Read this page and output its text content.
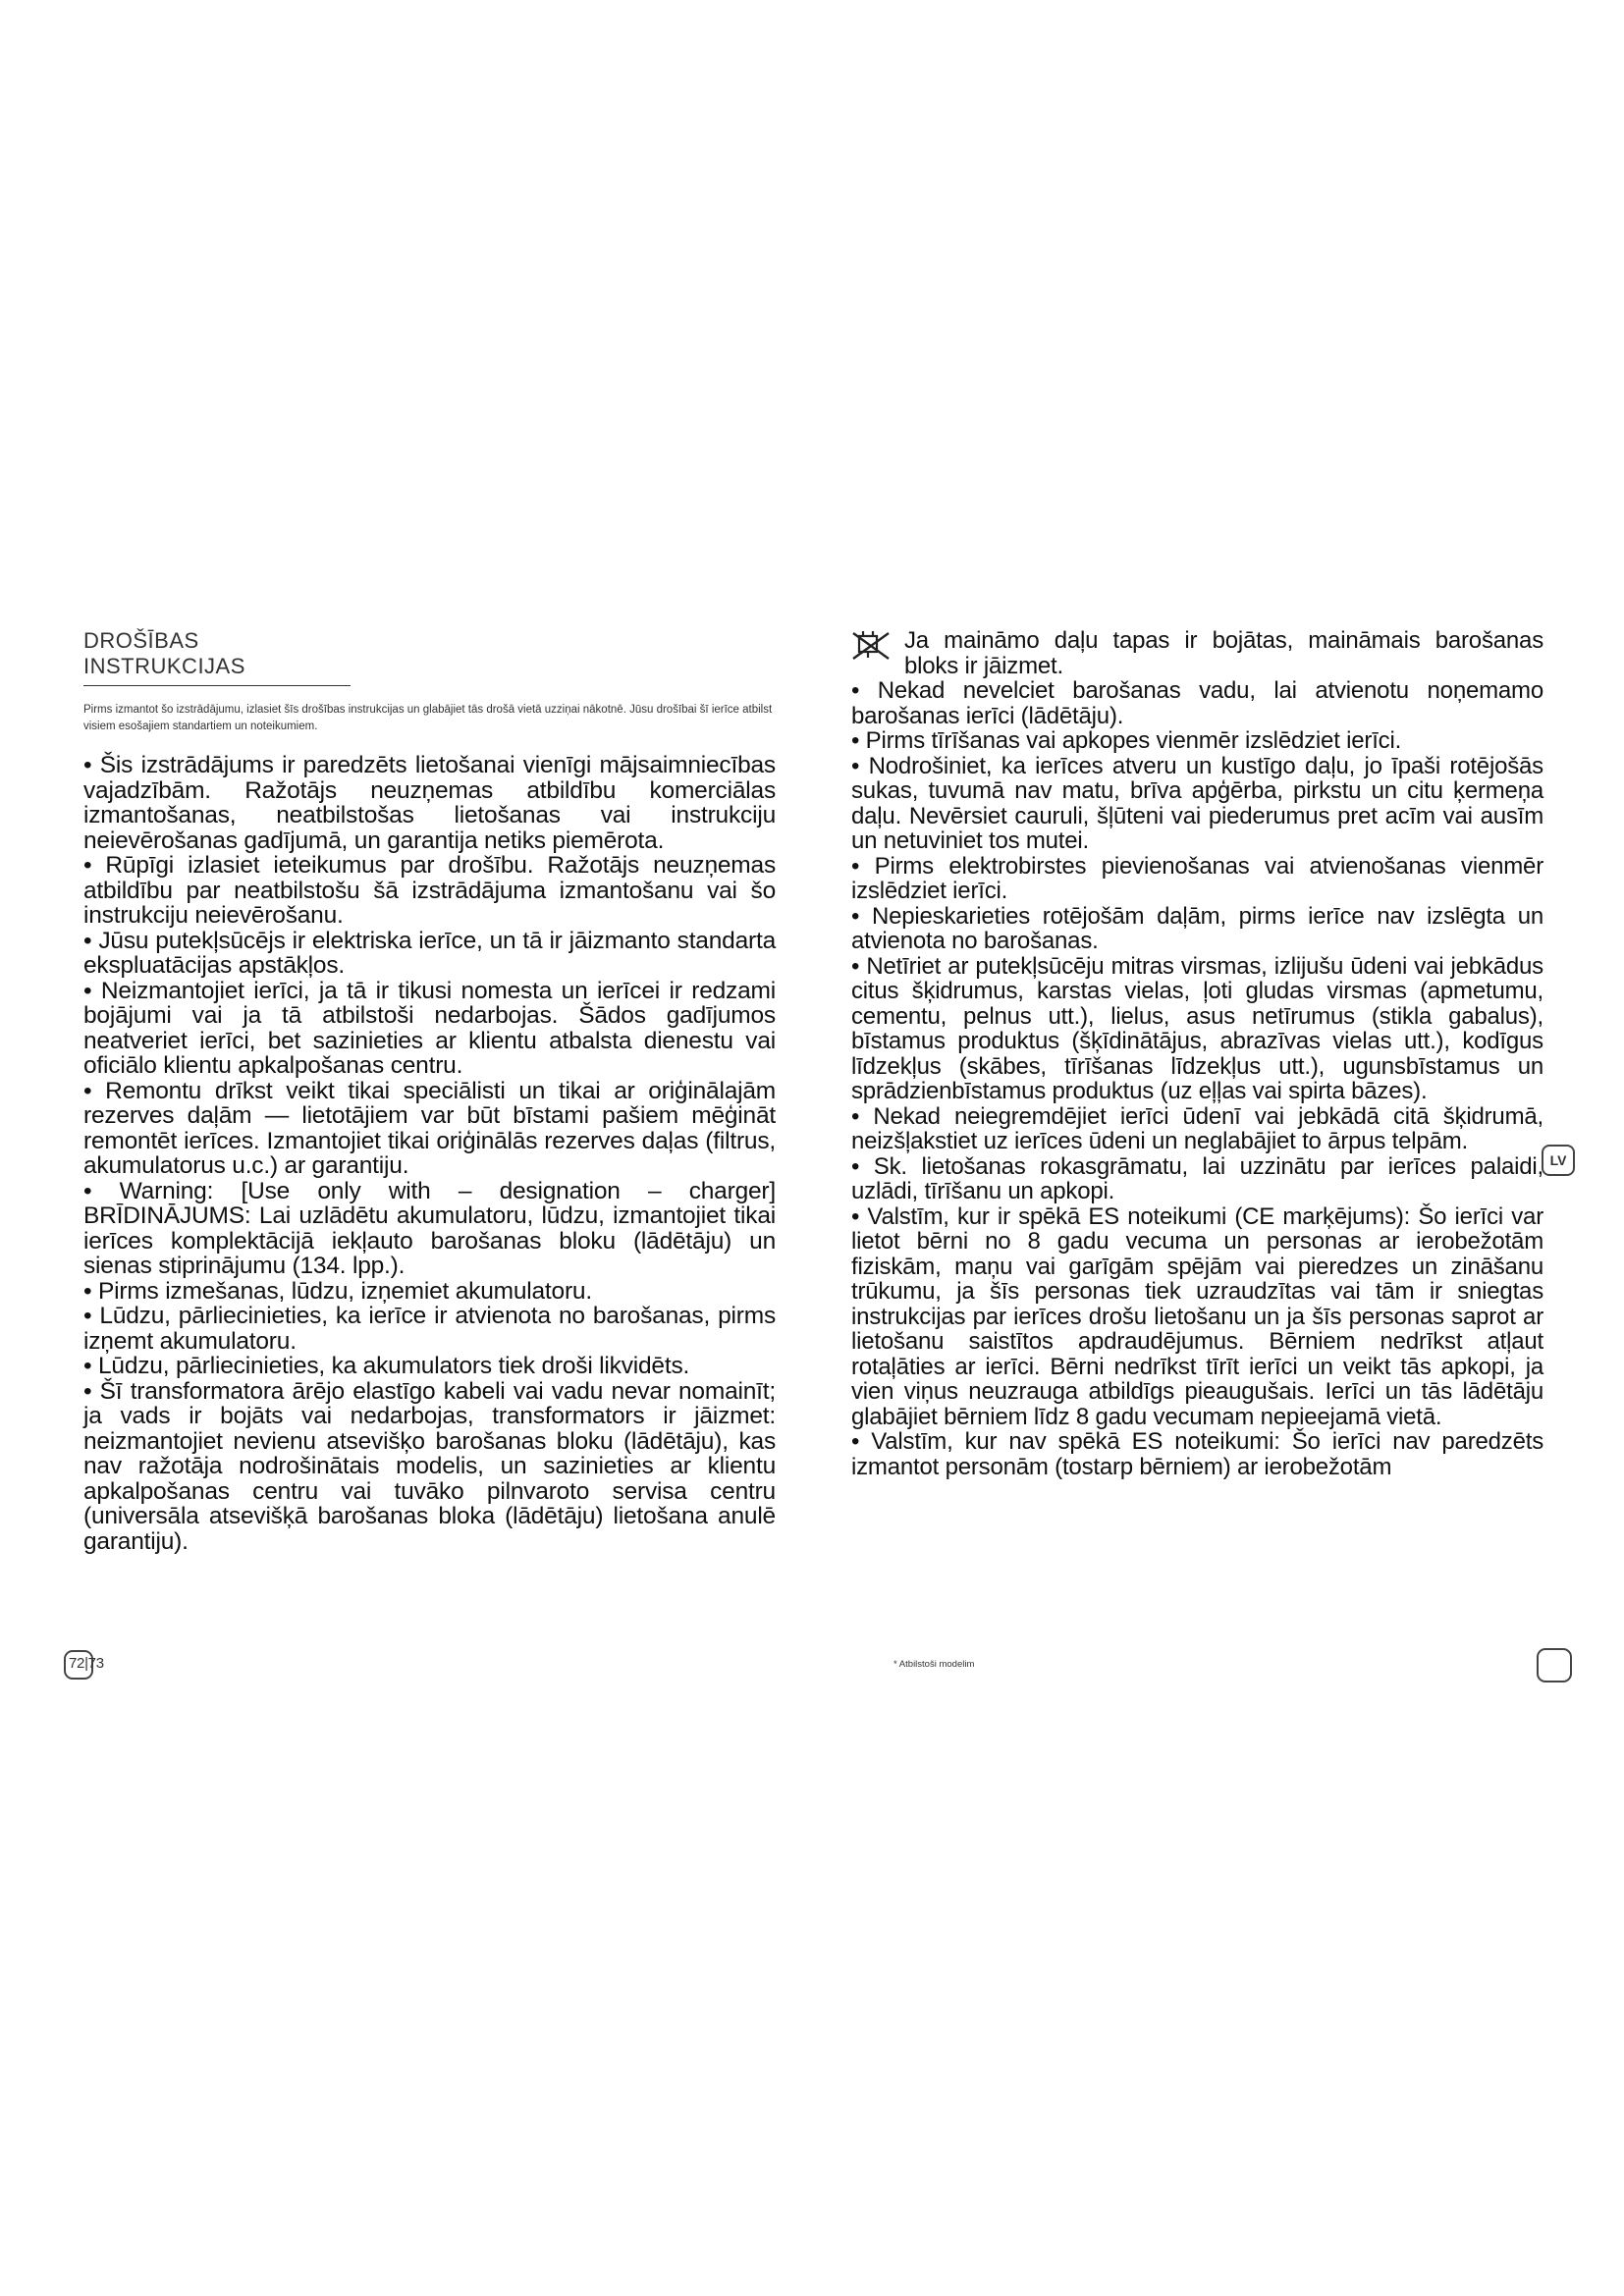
DROŠĪBAS INSTRUKCIJAS

Pirms izmantot šo izstrādājumu, izlasiet šīs drošības instrukcijas un glabājiet tās drošā vietā uzziņai nākotnē. Jūsu drošībai šī ierīce atbilst visiem esošajiem standartiem un noteikumiem.

• Šis izstrādājums ir paredzēts lietošanai vienīgi mājsaimniecības vajadzībām. Ražotājs neuzņemas atbildību komerciālas izmantošanas, neatbilstošas lietošanas vai instrukciju neievērošanas gadījumā, un garantija netiks piemērota.

• Rūpīgi izlasiet ieteikumus par drošību. Ražotājs neuzņemas atbildību par neatbilstošu šā izstrādājuma izmantošanu vai šo instrukciju neievērošanu.

• Jūsu putekļsūcējs ir elektriska ierīce, un tā ir jāizmanto standarta ekspluatācijas apstākļos.

• Neizmantojiet ierīci, ja tā ir tikusi nomesta un ierīcei ir redzami bojājumi vai ja tā atbilstoši nedarbojas. Šādos gadījumos neatveriet ierīci, bet sazinieties ar klientu atbalsta dienestu vai oficiālo klientu apkalpošanas centru.

• Remontu drīkst veikt tikai speciālisti un tikai ar oriģinālajām rezerves daļām — lietotājiem var būt bīstami pašiem mēģināt remontēt ierīces. Izmantojiet tikai oriģinālās rezerves daļas (filtrus, akumulatorus u.c.) ar garantiju.

• Warning: [Use only with – designation – charger] BRĪDINĀJUMS: Lai uzlādētu akumulatoru, lūdzu, izmantojiet tikai ierīces komplektācijā iekļauto barošanas bloku (lādētāju) un sienas stiprinājumu (134. lpp.).

• Pirms izmešanas, lūdzu, izņemiet akumulatoru.

• Lūdzu, pārliecinieties, ka ierīce ir atvienota no barošanas, pirms izņemt akumulatoru.

• Lūdzu, pārliecinieties, ka akumulators tiek droši likvidēts.

• Šī transformatora ārējo elastīgo kabeli vai vadu nevar nomainīt; ja vads ir bojāts vai nedarbojas, transformators ir jāizmet: neizmantojiet nevienu atsevišķo barošanas bloku (lādētāju), kas nav ražotāja nodrošinātais modelis, un sazinieties ar klientu apkalpošanas centru vai tuvāko pilnvaroto servisa centru (universāla atsevišķā barošanas bloka (lādētāju) lietošana anulē garantiju).

Ja maināmo daļu tapas ir bojātas, maināmais barošanas bloks ir jāizmet.

• Nekad nevelciet barošanas vadu, lai atvienotu noņemamo barošanas ierīci (lādētāju).

• Pirms tīrīšanas vai apkopes vienmēr izslēdziet ierīci.

• Nodrošiniet, ka ierīces atveru un kustīgo daļu, jo īpaši rotējošās sukas, tuvumā nav matu, brīva apģērba, pirkstu un citu ķermeņa daļu. Nevērsiet cauruli, šļūteni vai piederumus pret acīm vai ausīm un netuviniet tos mutei.

• Pirms elektrobirstes pievienošanas vai atvienošanas vienmēr izslēdziet ierīci.

• Nepieskarieties rotējošām daļām, pirms ierīce nav izslēgta un atvienota no barošanas.

• Netīriet ar putekļsūcēju mitras virsmas, izlijušu ūdeni vai jebkādus citus šķidrumus, karstas vielas, ļoti gludas virsmas (apmetumu, cementu, pelnus utt.), lielus, asus netīrumus (stikla gabalus), bīstamus produktus (šķīdinātājus, abrazīvas vielas utt.), kodīgus līdzekļus (skābes, tīrīšanas līdzekļus utt.), ugunsbīstamus un sprādzienbīstamus produktus (uz eļļas vai spirta bāzes).

• Nekad neiegremdējiet ierīci ūdenī vai jebkādā citā šķidrumā, neizšļakstiet uz ierīces ūdeni un neglabājiet to ārpus telpām.

• Sk. lietošanas rokasgrāmatu, lai uzzinātu par ierīces palaidi, uzlādi, tīrīšanu un apkopi.

• Valstīm, kur ir spēkā ES noteikumi (CE marķējums): Šo ierīci var lietot bērni no 8 gadu vecuma un personas ar ierobežotām fiziskām, maņu vai garīgām spējām vai pieredzes un zināšanu trūkumu, ja šīs personas tiek uzraudzītas vai tām ir sniegtas instrukcijas par ierīces drošu lietošanu un ja šīs personas saprot ar lietošanu saistītos apdraudējumus. Bērniem nedrīkst atļaut rotaļāties ar ierīci. Bērni nedrīkst tīrīt ierīci un veikt tās apkopi, ja vien viņus neuzrauga atbildīgs pieaugušais. Ierīci un tās lādētāju glabājiet bērniem līdz 8 gadu vecumam nepieejamā vietā.

• Valstīm, kur nav spēkā ES noteikumi: Šo ierīci nav paredzēts izmantot personām (tostarp bērniem) ar ierobežotām

72|73
LV
* Atbilstoši modelim
